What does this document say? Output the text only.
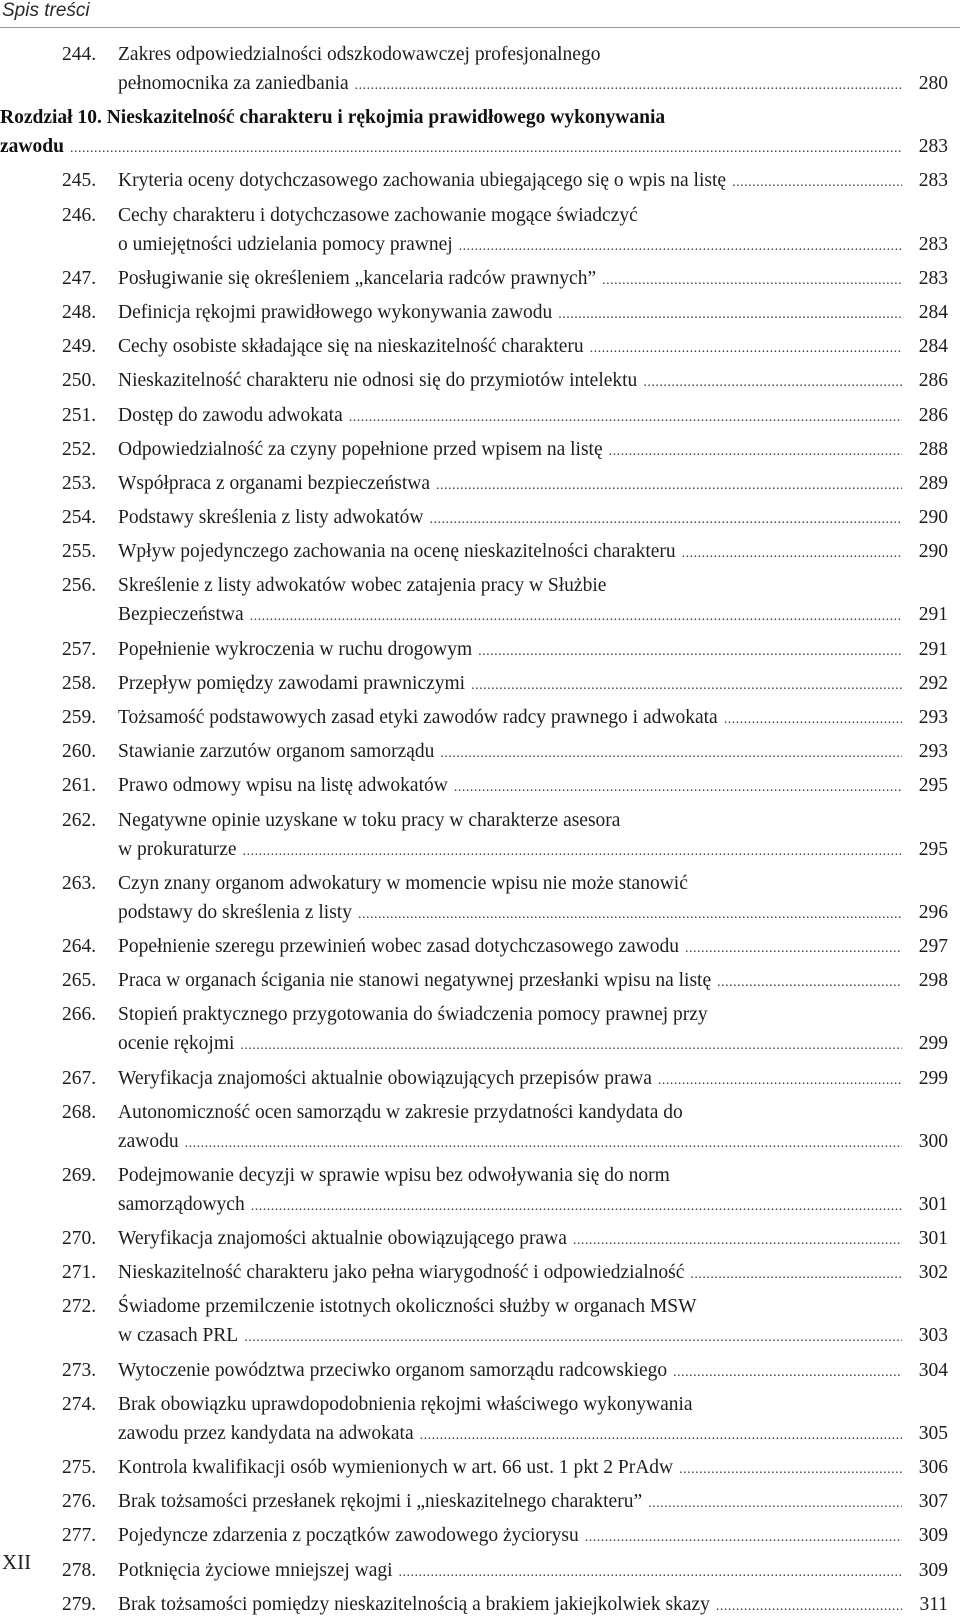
Spis treści
244. Zakres odpowiedzialności odszkodowawczej profesjonalnego
pełnomocnika za zaniedbania .....	280
Rozdział 10. Nieskazitelność charakteru i rękojmia prawidłowego wykonywania
zawodu .....	283
245. Kryteria oceny dotychczasowego zachowania ubiegającego się o wpis na listę .....	283
246. Cechy charakteru i dotychczasowe zachowanie mogące świadczyć
o umiejętności udzielania pomocy prawnej .....	283
247. Posługiwanie się określeniem „kancelaria radców prawnych” .....	283
248. Definicja rękojmi prawidłowego wykonywania zawodu .....	284
249. Cechy osobiste składające się na nieskazitelność charakteru .....	284
250. Nieskazitelność charakteru nie odnosi się do przymiotów intelektu .....	286
251. Dostęp do zawodu adwokata .....	286
252. Odpowiedzialność za czyny popełnione przed wpisem na listę .....	288
253. Współpraca z organami bezpieczeństwa .....	289
254. Podstawy skreślenia z listy adwokatów .....	290
255. Wpływ pojedynczego zachowania na ocenę nieskazitelności charakteru .....	290
256. Skreślenie z listy adwokatów wobec zatajenia pracy w Służbie
Bezpieczeństwa .....	291
257. Popełnienie wykroczenia w ruchu drogowym .....	291
258. Przepływ pomiędzy zawodami prawniczymi .....	292
259. Tożsamość podstawowych zasad etyki zawodów radcy prawnego i adwokata .....	293
260. Stawianie zarzutów organom samorządu .....	293
261. Prawo odmowy wpisu na listę adwokatów .....	295
262. Negatywne opinie uzyskane w toku pracy w charakterze asesora
w prokuraturze .....	295
263. Czyn znany organom adwokatury w momencie wpisu nie może stanowić
podstawy do skreślenia z listy .....	296
264. Popełnienie szeregu przewinień wobec zasad dotychczasowego zawodu .....	297
265. Praca w organach ścigania nie stanowi negatywnej przesłanki wpisu na listę .....	298
266. Stopień praktycznego przygotowania do świadczenia pomocy prawnej przy
ocenie rękojmi .....	299
267. Weryfikacja znajomości aktualnie obowiązujących przepisów prawa .....	299
268. Autonomiczność ocen samorządu w zakresie przydatności kandydata do
zawodu .....	300
269. Podejmowanie decyzji w sprawie wpisu bez odwoływania się do norm
samorządowych .....	301
270. Weryfikacja znajomości aktualnie obowiązującego prawa .....	301
271. Nieskazitelność charakteru jako pełna wiarygodność i odpowiedzialność .....	302
272. Świadome przemilczenie istotnych okoliczności służby w organach MSW
w czasach PRL .....	303
273. Wytoczenie powództwa przeciwko organom samorządu radcowskiego .....	304
274. Brak obowiązku uprawdopodobnienia rękojmi właściwego wykonywania
zawodu przez kandydata na adwokata .....	305
275. Kontrola kwalifikacji osób wymienionych w art. 66 ust. 1 pkt 2 PrAdw .....	306
276. Brak tożsamości przesłanek rękojmi i „nieskazitelnego charakteru” .....	307
277. Pojedyncze zdarzenia z początków zawodowego życiorysu .....	309
278. Potknięcia życiowe mniejszej wagi .....	309
279. Brak tożsamości pomiędzy nieskazitelnością a brakiem jakiejkolwiek skazy .....	311
XII
